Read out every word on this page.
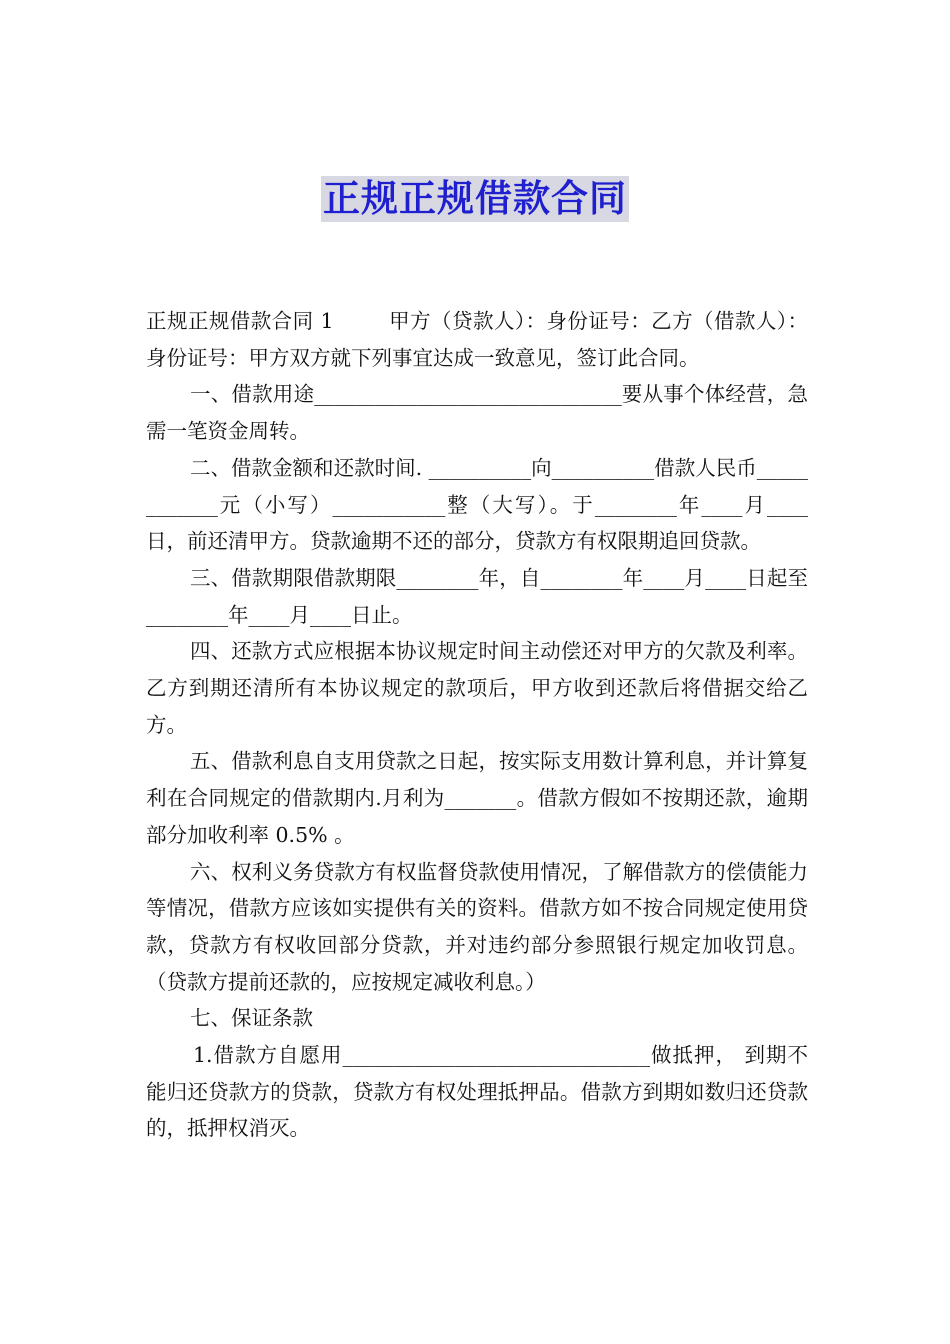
正规正规借款合同

正规正规借款合同 1        甲方（贷款人）：身份证号：乙方（借款人）：身份证号：甲方双方就下列事宜达成一致意见，签订此合同。

一、借款用途______________________________要从事个体经营，急需一笔资金周转。

二、借款金额和还款时间. __________向__________借款人民币____________元（小写）___________整（大写）。于________年____月____日，前还清甲方。贷款逾期不还的部分，贷款方有权限期追回贷款。

三、借款期限借款期限________年，自________年____月____日起至________年____月____日止。

四、还款方式应根据本协议规定时间主动偿还对甲方的欠款及利率。乙方到期还清所有本协议规定的款项后，甲方收到还款后将借据交给乙方。

五、借款利息自支用贷款之日起，按实际支用数计算利息，并计算复利在合同规定的借款期内.月利为_______。借款方假如不按期还款，逾期部分加收利率 0.5% 。

六、权利义务贷款方有权监督贷款使用情况，了解借款方的偿债能力等情况，借款方应该如实提供有关的资料。借款方如不按合同规定使用贷款，贷款方有权收回部分贷款，并对违约部分参照银行规定加收罚息。（贷款方提前还款的，应按规定减收利息。）

七、保证条款

1.借款方自愿用______________________________做抵押， 到期不能归还贷款方的贷款，贷款方有权处理抵押品。借款方到期如数归还贷款的，抵押权消灭。
